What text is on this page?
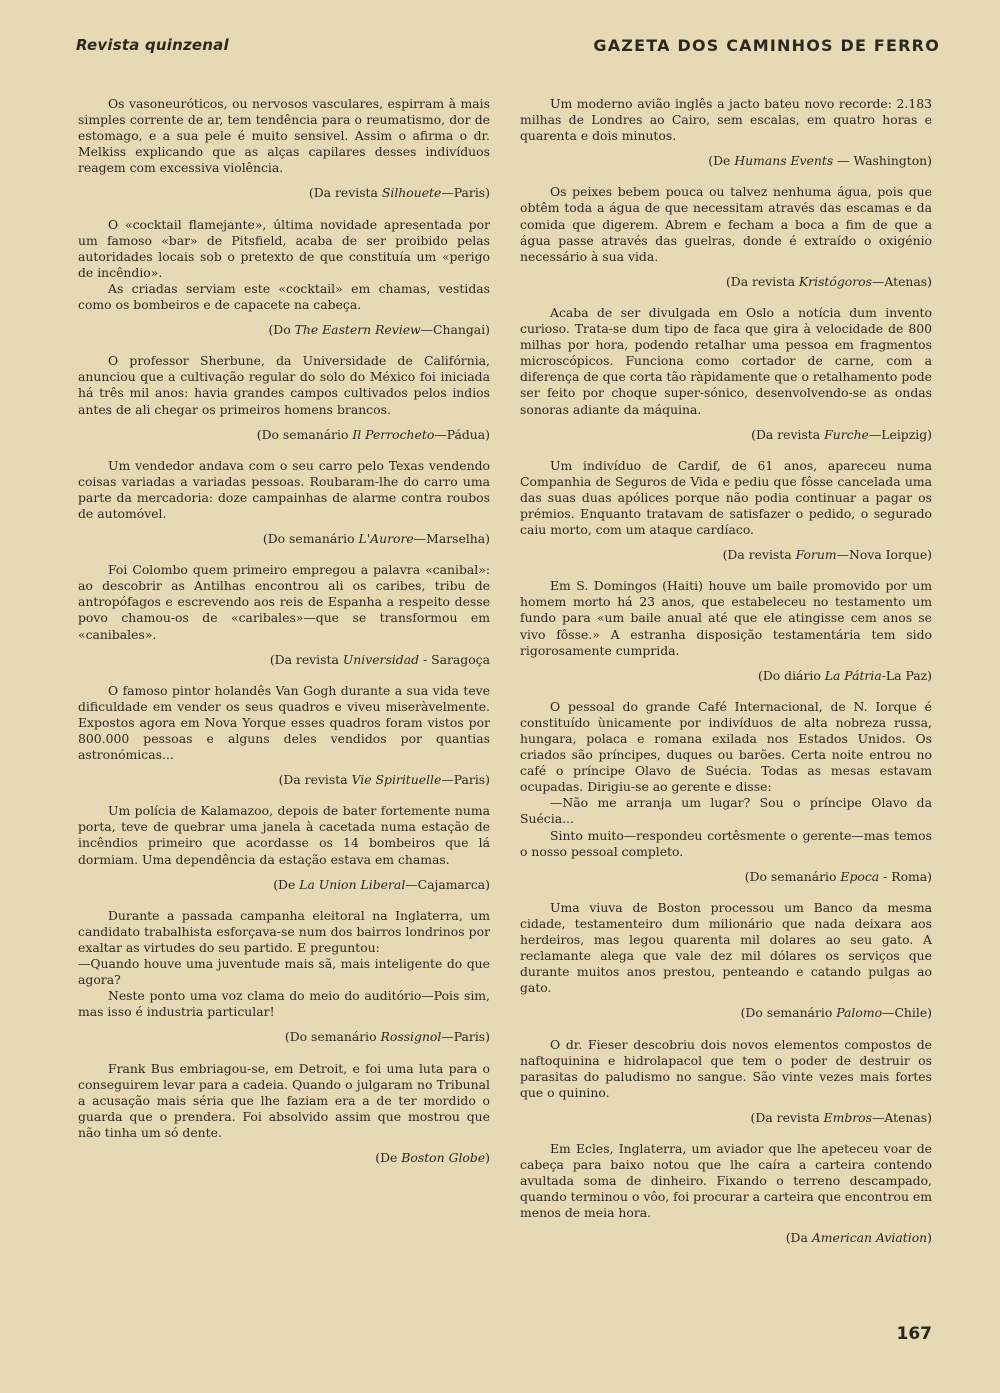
Revista quinzenal	GAZETA DOS CAMINHOS DE FERRO

Os vasoneuróticos, ou nervosos vasculares, espirram à mais simples corrente de ar, tem tendência para o reumatismo, dor de estomago, e a sua pele é muito sensivel. Assim o afirma o dr. Melkiss explicando que as alças capilares desses indivíduos reagem com excessiva violência.

(Da revista Silhouete—Paris)

O «cocktail flamejante», última novidade apresentada por um famoso «bar» de Pitsfield, acaba de ser proibido pelas autoridades locais sob o pretexto de que constituía um «perigo de incêndio».

As criadas serviam este «cocktail» em chamas, vestidas como os bombeiros e de capacete na cabeça.

(Do The Eastern Review—Changai)

O professor Sherbune, da Universidade de Califórnia, anunciou que a cultivação regular do solo do México foi iniciada há três mil anos: havia grandes campos cultivados pelos indios antes de ali chegar os primeiros homens brancos.

(Do semanário Il Perrocheto—Pádua)

Um vendedor andava com o seu carro pelo Texas vendendo coisas variadas a variadas pessoas. Roubaram-lhe do carro uma parte da mercadoria: doze campainhas de alarme contra roubos de automóvel.

(Do semanário L'Aurore—Marselha)

Foi Colombo quem primeiro empregou a palavra «canibal»: ao descobrir as Antilhas encontrou ali os caribes, tribu de antropófagos e escrevendo aos reis de Espanha a respeito desse povo chamou-os de «caribales»—que se transformou em «canibales».

(Da revista Universidad - Saragoça

O famoso pintor holandês Van Gogh durante a sua vida teve dificuldade em vender os seus quadros e viveu miseràvelmente. Expostos agora em Nova Yorque esses quadros foram vistos por 800.000 pessoas e alguns deles vendidos por quantias astronómicas...

(Da revista Vie Spirituelle—Paris)

Um polícia de Kalamazoo, depois de bater fortemente numa porta, teve de quebrar uma janela à cacetada numa estação de incêndios primeiro que acordasse os 14 bombeiros que lá dormiam. Uma dependência da estação estava em chamas.

(De La Union Liberal—Cajamarca)

Durante a passada campanha eleitoral na Inglaterra, um candidato trabalhista esforçava-se num dos bairros londrinos por exaltar as virtudes do seu partido. E preguntou:

—Quando houve uma juventude mais sã, mais inteligente do que agora?

Neste ponto uma voz clama do meio do auditório—Pois sim, mas isso é industria particular!

(Do semanário Rossignol—Paris)

Frank Bus embriagou-se, em Detroit, e foi uma luta para o conseguirem levar para a cadeia. Quando o julgaram no Tribunal a acusação mais séria que lhe faziam era a de ter mordido o guarda que o prendera. Foi absolvido assim que mostrou que não tinha um só dente.

(De Boston Globe)

Um moderno avião inglês a jacto bateu novo recorde: 2.183 milhas de Londres ao Cairo, sem escalas, em quatro horas e quarenta e dois minutos.

(De Humans Events — Washington)

Os peixes bebem pouca ou talvez nenhuma água, pois que obtêm toda a água de que necessitam através das escamas e da comida que digerem. Abrem e fecham a boca a fim de que a água passe através das guelras, donde é extraído o oxigénio necessário à sua vida.

(Da revista Kristógoros—Atenas)

Acaba de ser divulgada em Oslo a notícia dum invento curioso. Trata-se dum tipo de faca que gira à velocidade de 800 milhas por hora, podendo retalhar uma pessoa em fragmentos microscópicos. Funciona como cortador de carne, com a diferença de que corta tão ràpidamente que o retalhamento pode ser feito por choque super-sónico, desenvolvendo-se as ondas sonoras adiante da máquina.

(Da revista Furche—Leipzig)

Um indivíduo de Cardif, de 61 anos, apareceu numa Companhia de Seguros de Vida e pediu que fôsse cancelada uma das suas duas apólices porque não podia continuar a pagar os prémios. Enquanto tratavam de satisfazer o pedido, o segurado caiu morto, com um ataque cardíaco.

(Da revista Forum—Nova Iorque)

Em S. Domingos (Haiti) houve um baile promovido por um homem morto há 23 anos, que estabeleceu no testamento um fundo para «um baile anual até que ele atingisse cem anos se vivo fôsse.» A estranha disposição testamentária tem sido rigorosamente cumprida.

(Do diário La Pátria-La Paz)

O pessoal do grande Café Internacional, de N. Iorque é constituído ùnicamente por indivíduos de alta nobreza russa, hungara, polaca e romana exilada nos Estados Unidos. Os criados são príncipes, duques ou barões. Certa noite entrou no café o príncipe Olavo de Suécia. Todas as mesas estavam ocupadas. Dirigiu-se ao gerente e disse:

—Não me arranja um lugar? Sou o príncipe Olavo da Suécia...

Sinto muito—respondeu cortêsmente o gerente—mas temos o nosso pessoal completo.

(Do semanário Epoca - Roma)

Uma viuva de Boston processou um Banco da mesma cidade, testamenteiro dum milionário que nada deixara aos herdeiros, mas legou quarenta mil dolares ao seu gato. A reclamante alega que vale dez mil dólares os serviços que durante muitos anos prestou, penteando e catando pulgas ao gato.

(Do semanário Palomo—Chile)

O dr. Fieser descobriu dois novos elementos compostos de naftoquinina e hidrolapacol que tem o poder de destruir os parasitas do paludismo no sangue. São vinte vezes mais fortes que o quinino.

(Da revista Embros—Atenas)

Em Ecles, Inglaterra, um aviador que lhe apeteceu voar de cabeça para baixo notou que lhe caíra a carteira contendo avultada soma de dinheiro. Fixando o terreno descampado, quando terminou o vôo, foi procurar a carteira que encontrou em menos de meia hora.

(Da American Aviation)
167
